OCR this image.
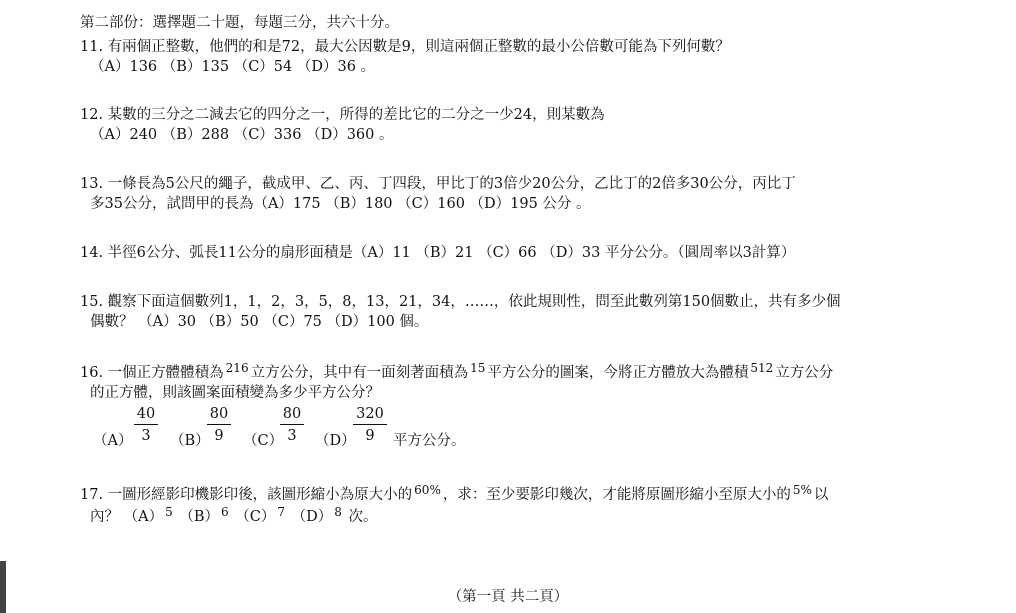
第二部份：選擇題二十題，每題三分，共六十分。
11. 有兩個正整數，他們的和是72，最大公因數是9，則這兩個正整數的最小公倍數可能為下列何數？
（A）136 （B）135 （C）54 （D）36 。
12. 某數的三分之二減去它的四分之一，所得的差比它的二分之一少24，則某數為
（A）240 （B）288 （C）336 （D）360 。
13. 一條長為5公尺的繩子，截成甲、乙、丙、丁四段，甲比丁的3倍少20公分，乙比丁的2倍多30公分，丙比丁
多35公分，試問甲的長為（A）175 （B）180 （C）160 （D）195 公分 。
14. 半徑6公分、弧長11公分的扇形面積是（A）11 （B）21 （C）66 （D）33 平分公分。（圓周率以3計算）
15. 觀察下面這個數列1，1，2，3，5，8，13，21，34，……，依此規則性，問至此數列第150個數止，共有多少個
偶數？ （A）30 （B）50 （C）75 （D）100 個。
16. 一個正方體體積為 $^{216}$ 立方公分，其中有一面刻著面積為 $^{15}$ 平方公分的圖案，今將正方體放大為體積 $^{512}$ 立方公分
的正方體，則該圖案面積變為多少平方公分？
$(A) \frac{40}{3} (B)$
$\frac{80}{9} (C)$
$\frac{80}{3} (D)$
$\frac{320}{9}$ 平方公分。
17. 一圖形經影印機影印後，該圖形縮小為原大小的 $^{60\%}$ ，求：至少要影印幾次，才能將原圖形縮小至原大小的 $^{5\%}$ 以
內？ （A） $^5$ （B） $^6$ （C） $^7$ （D） $^8$ 次。
（第一頁 共二頁）
